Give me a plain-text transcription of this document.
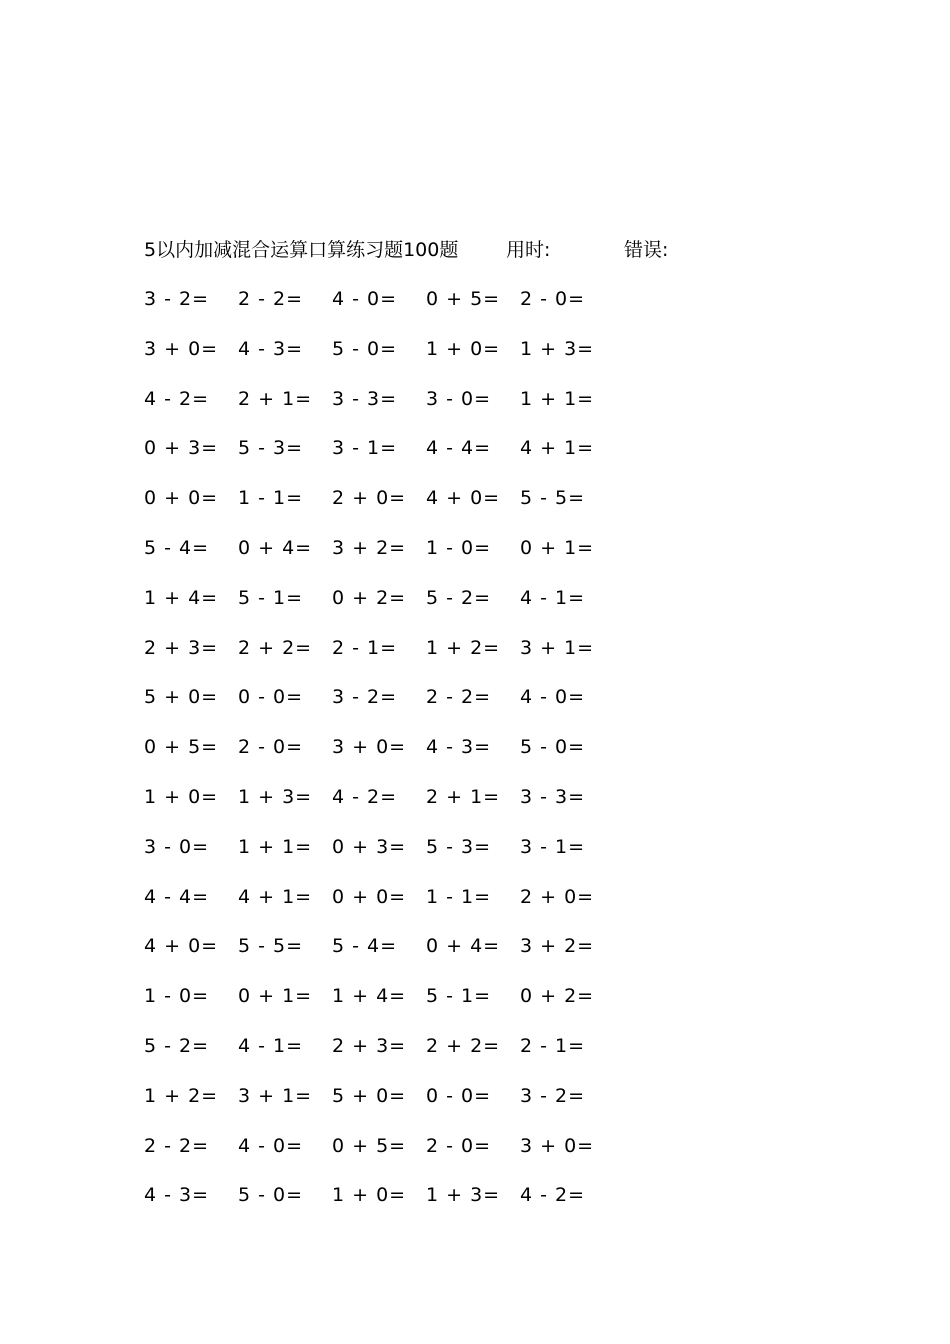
5以内加减混合运算口算练习题100题	用时:	错误:
3 - 2=	2 - 2=	4 - 0=	0 + 5=	2 - 0=
3 + 0=	4 - 3=	5 - 0=	1 + 0=	1 + 3=
4 - 2=	2 + 1=	3 - 3=	3 - 0=	1 + 1=
0 + 3=	5 - 3=	3 - 1=	4 - 4=	4 + 1=
0 + 0=	1 - 1=	2 + 0=	4 + 0=	5 - 5=
5 - 4=	0 + 4=	3 + 2=	1 - 0=	0 + 1=
1 + 4=	5 - 1=	0 + 2=	5 - 2=	4 - 1=
2 + 3=	2 + 2=	2 - 1=	1 + 2=	3 + 1=
5 + 0=	0 - 0=	3 - 2=	2 - 2=	4 - 0=
0 + 5=	2 - 0=	3 + 0=	4 - 3=	5 - 0=
1 + 0=	1 + 3=	4 - 2=	2 + 1=	3 - 3=
3 - 0=	1 + 1=	0 + 3=	5 - 3=	3 - 1=
4 - 4=	4 + 1=	0 + 0=	1 - 1=	2 + 0=
4 + 0=	5 - 5=	5 - 4=	0 + 4=	3 + 2=
1 - 0=	0 + 1=	1 + 4=	5 - 1=	0 + 2=
5 - 2=	4 - 1=	2 + 3=	2 + 2=	2 - 1=
1 + 2=	3 + 1=	5 + 0=	0 - 0=	3 - 2=
2 - 2=	4 - 0=	0 + 5=	2 - 0=	3 + 0=
4 - 3=	5 - 0=	1 + 0=	1 + 3=	4 - 2=
